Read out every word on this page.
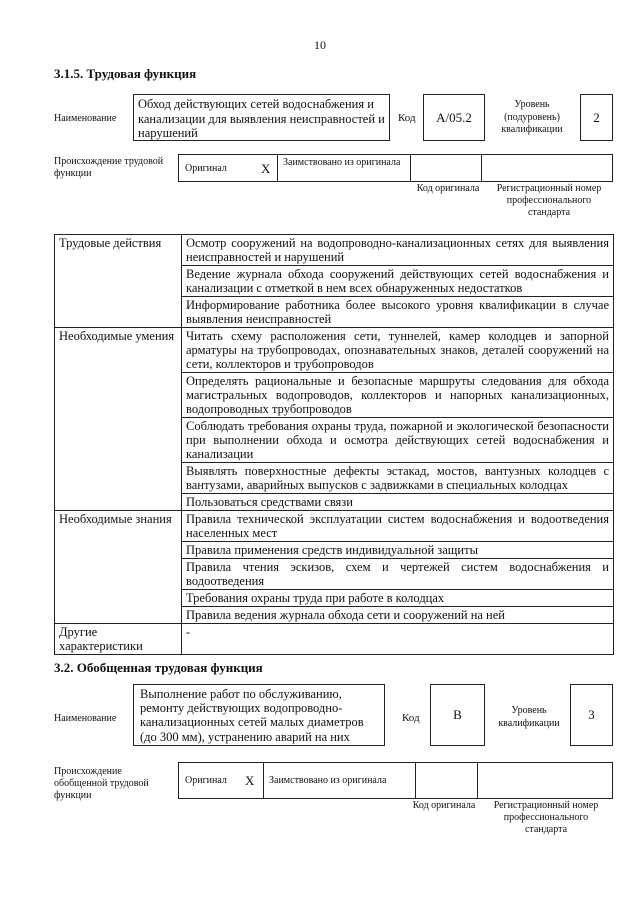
10
3.1.5. Трудовая функция
Наименование
Обход действующих сетей водоснабжения и канализации для выявления неисправностей и нарушений
Код A/05.2
Уровень (подуровень) квалификации
2
Происхождение трудовой функции	Оригинал	X Заимствовано из оригинала
Код оригинала	Регистрационный номер профессионального стандарта
Трудовые действия	Осмотр сооружений на водопроводно-канализационных сетях для выявления неисправностей и нарушений
	Ведение журнала обхода сооружений действующих сетей водоснабжения и канализации с отметкой в нем всех обнаруженных недостатков
	Информирование работника более высокого уровня квалификации в случае выявления неисправностей
Необходимые умения	Читать схему расположения сети, туннелей, камер колодцев и запорной арматуры на трубопроводах, опознавательных знаков, деталей сооружений на сети, коллекторов и трубопроводов
	Определять рациональные и безопасные маршруты следования для обхода магистральных водопроводов, коллекторов и напорных канализационных, водопроводных трубопроводов
	Соблюдать требования охраны труда, пожарной и экологической безопасности при выполнении обхода и осмотра действующих сетей водоснабжения и канализации
	Выявлять поверхностные дефекты эстакад, мостов, вантузных колодцев с вантузами, аварийных выпусков с задвижками в специальных колодцах
	Пользоваться средствами связи
Необходимые знания	Правила технической эксплуатации систем водоснабжения и водоотведения населенных мест
	Правила применения средств индивидуальной защиты
	Правила чтения эскизов, схем и чертежей систем водоснабжения и водоотведения
	Требования охраны труда при работе в колодцах
	Правила ведения журнала обхода сети и сооружений на ней
Другие характеристики	-
3.2. Обобщенная трудовая функция
Наименование
Выполнение работ по обслуживанию, ремонту действующих водопроводно-канализационных сетей малых диаметров (до 300 мм), устранению аварий на них
Код	B	Уровень квалификации
3
Происхождение обобщенной трудовой функции
Оригинал X Заимствовано из оригинала
Код оригинала	Регистрационный номер профессионального стандарта
